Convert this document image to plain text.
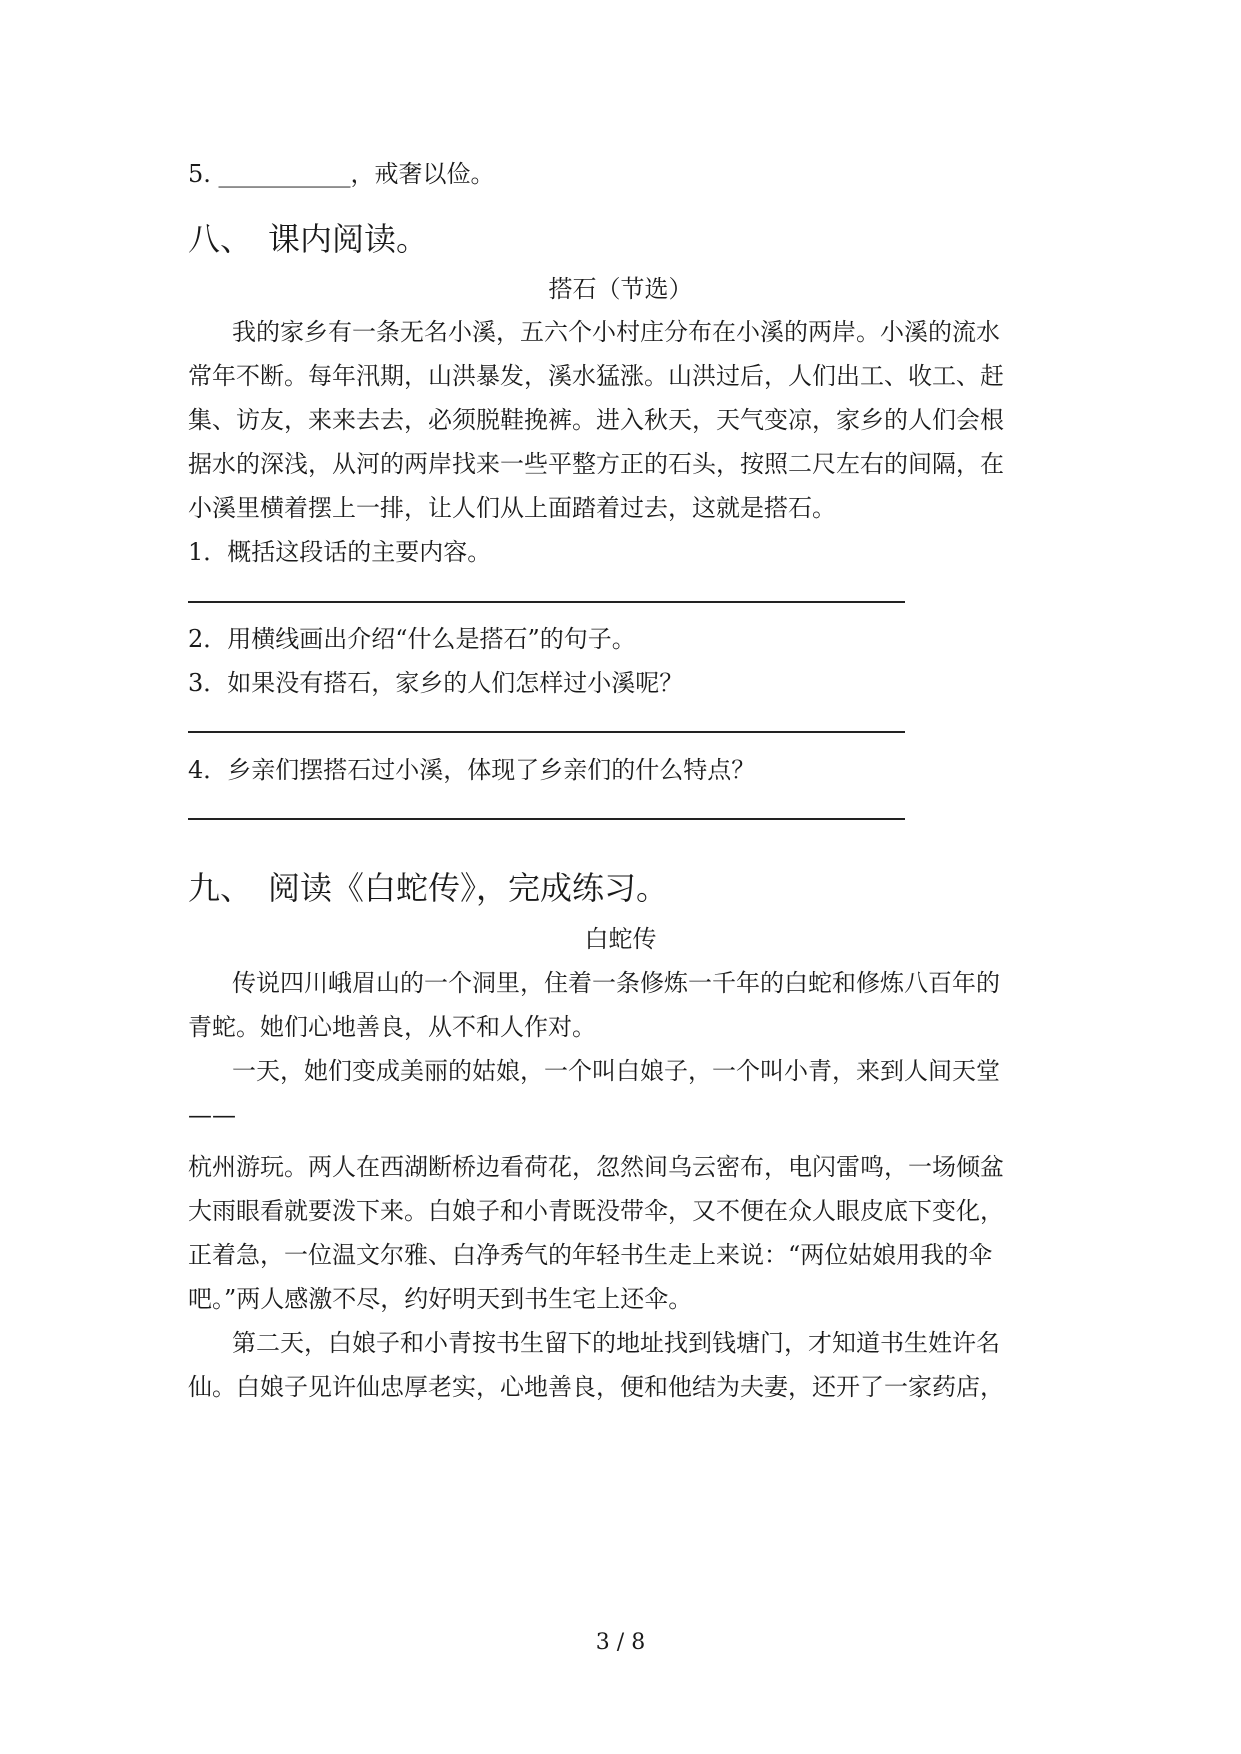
5. ___________，戒奢以俭。
八、　课内阅读。
搭石（节选）
我的家乡有一条无名小溪，五六个小村庄分布在小溪的两岸。小溪的流水
常年不断。每年汛期，山洪暴发，溪水猛涨。山洪过后，人们出工、收工、赶
集、访友，来来去去，必须脱鞋挽裤。进入秋天，天气变凉，家乡的人们会根
据水的深浅，从河的两岸找来一些平整方正的石头，按照二尺左右的间隔，在
小溪里横着摆上一排，让人们从上面踏着过去，这就是搭石。
1．概括这段话的主要内容。
2．用横线画出介绍“什么是搭石”的句子。
3．如果没有搭石，家乡的人们怎样过小溪呢？
4．乡亲们摆搭石过小溪，体现了乡亲们的什么特点？
九、　阅读《白蛇传》，完成练习。
白蛇传
传说四川峨眉山的一个洞里，住着一条修炼一千年的白蛇和修炼八百年的
青蛇。她们心地善良，从不和人作对。
一天，她们变成美丽的姑娘，一个叫白娘子，一个叫小青，来到人间天堂
——
杭州游玩。两人在西湖断桥边看荷花，忽然间乌云密布，电闪雷鸣，一场倾盆
大雨眼看就要泼下来。白娘子和小青既没带伞，又不便在众人眼皮底下变化，
正着急，一位温文尔雅、白净秀气的年轻书生走上来说：“两位姑娘用我的伞
吧。”两人感激不尽，约好明天到书生宅上还伞。
第二天，白娘子和小青按书生留下的地址找到钱塘门，才知道书生姓许名
仙。白娘子见许仙忠厚老实，心地善良，便和他结为夫妻，还开了一家药店，
3 / 8
